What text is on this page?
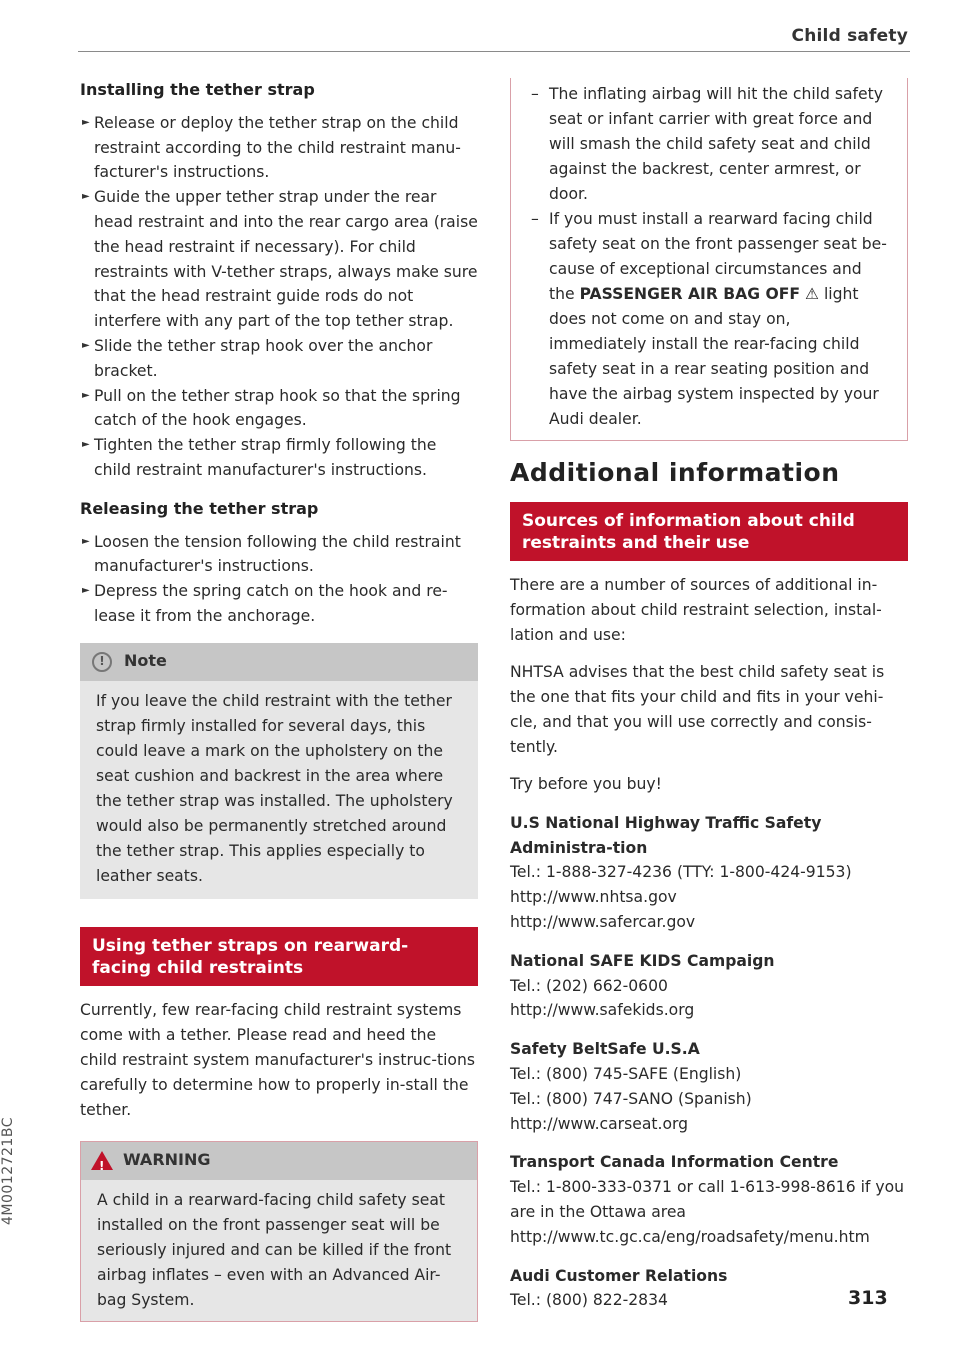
Child safety
Installing the tether strap
► Release or deploy the tether strap on the child restraint according to the child restraint manu-facturer's instructions.
► Guide the upper tether strap under the rear head restraint and into the rear cargo area (raise the head restraint if necessary). For child restraints with V-tether straps, always make sure that the head restraint guide rods do not interfere with any part of the top tether strap.
► Slide the tether strap hook over the anchor bracket.
► Pull on the tether strap hook so that the spring catch of the hook engages.
► Tighten the tether strap firmly following the child restraint manufacturer's instructions.
Releasing the tether strap
► Loosen the tension following the child restraint manufacturer's instructions.
► Depress the spring catch on the hook and re-lease it from the anchorage.
!	Note
If you leave the child restraint with the tether strap firmly installed for several days, this could leave a mark on the upholstery on the seat cushion and backrest in the area where the tether strap was installed. The upholstery would also be permanently stretched around the tether strap. This applies especially to leather seats.
Using tether straps on rearward-facing child restraints
Currently, few rear-facing child restraint systems come with a tether. Please read and heed the child restraint system manufacturer's instruc-tions carefully to determine how to properly in-stall the tether.
! WARNING
A child in a rearward-facing child safety seat installed on the front passenger seat will be seriously injured and can be killed if the front airbag inflates – even with an Advanced Air-bag System.
– The inflating airbag will hit the child safety seat or infant carrier with great force and will smash the child safety seat and child against the backrest, center armrest, or door.
– If you must install a rearward facing child safety seat on the front passenger seat be-cause of exceptional circumstances and the PASSENGER AIR BAG OFF ⚠ light does not come on and stay on, immediately install the rear-facing child safety seat in a rear seating position and have the airbag system inspected by your Audi dealer.
Additional information
Sources of information about child restraints and their use
There are a number of sources of additional in-formation about child restraint selection, instal-lation and use:
NHTSA advises that the best child safety seat is the one that fits your child and fits in your vehi-cle, and that you will use correctly and consis-tently.
Try before you buy!
U.S National Highway Traffic Safety Administra-tion
Tel.: 1-888-327-4236 (TTY: 1-800-424-9153)
http://www.nhtsa.gov
http://www.safercar.gov
National SAFE KIDS Campaign
Tel.: (202) 662-0600
http://www.safekids.org
Safety BeltSafe U.S.A
Tel.: (800) 745-SAFE (English)
Tel.: (800) 747-SANO (Spanish)
http://www.carseat.org
Transport Canada Information Centre
Tel.: 1-800-333-0371 or call 1-613-998-8616 if you are in the Ottawa area
http://www.tc.gc.ca/eng/roadsafety/menu.htm
Audi Customer Relations
Tel.: (800) 822-2834	313
4M0012721BC
